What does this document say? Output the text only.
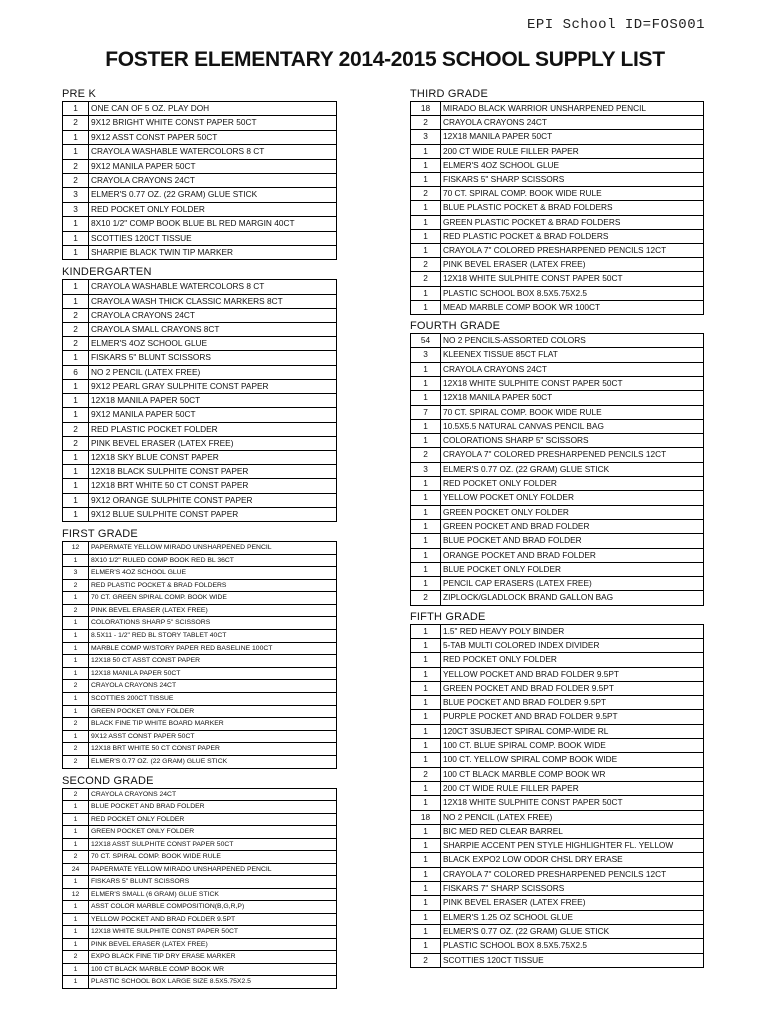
EPI School ID=FOS001
FOSTER ELEMENTARY 2014-2015 SCHOOL SUPPLY LIST
PRE K
1	ONE CAN OF 5 OZ. PLAY DOH
2	9X12 BRIGHT WHITE CONST PAPER 50CT
1	9X12 ASST CONST PAPER 50CT
1	CRAYOLA WASHABLE WATERCOLORS 8 CT
2	9X12 MANILA PAPER 50CT
2	CRAYOLA CRAYONS 24CT
3	ELMER'S 0.77 OZ. (22 GRAM) GLUE STICK
3	RED POCKET ONLY FOLDER
1	8X10 1/2" COMP BOOK BLUE BL RED MARGIN 40CT
1	SCOTTIES 120CT TISSUE
1	SHARPIE BLACK TWIN TIP MARKER
KINDERGARTEN
1	CRAYOLA WASHABLE WATERCOLORS 8 CT
1	CRAYOLA WASH THICK CLASSIC MARKERS 8CT
2	CRAYOLA CRAYONS 24CT
2	CRAYOLA SMALL CRAYONS 8CT
2	ELMER'S 4OZ SCHOOL GLUE
1	FISKARS 5" BLUNT SCISSORS
6	NO 2 PENCIL (LATEX FREE)
1	9X12 PEARL GRAY SULPHITE CONST PAPER
1	12X18 MANILA PAPER 50CT
1	9X12 MANILA PAPER 50CT
2	RED PLASTIC POCKET FOLDER
2	PINK BEVEL ERASER (LATEX FREE)
1	12X18 SKY BLUE CONST PAPER
1	12X18 BLACK SULPHITE CONST PAPER
1	12X18 BRT WHITE 50 CT CONST PAPER
1	9X12 ORANGE SULPHITE CONST PAPER
1	9X12 BLUE SULPHITE CONST PAPER
FIRST GRADE
12	PAPERMATE YELLOW MIRADO UNSHARPENED PENCIL
1	8X10 1/2" RULED COMP BOOK RED BL 36CT
3	ELMER'S 4OZ SCHOOL GLUE
2	RED PLASTIC POCKET & BRAD FOLDERS
1	70 CT. GREEN SPIRAL COMP. BOOK WIDE
2	PINK BEVEL ERASER (LATEX FREE)
1	COLORATIONS SHARP 5" SCISSORS
1	8.5X11 - 1/2" RED BL STORY TABLET 40CT
1	MARBLE COMP W/STORY PAPER RED BASELINE 100CT
1	12X18 50 CT ASST CONST PAPER
1	12X18 MANILA PAPER 50CT
2	CRAYOLA CRAYONS 24CT
1	SCOTTIES 200CT TISSUE
1	GREEN POCKET ONLY FOLDER
2	BLACK FINE TIP WHITE BOARD MARKER
1	9X12 ASST CONST PAPER 50CT
2	12X18 BRT WHITE 50 CT CONST PAPER
2	ELMER'S 0.77 OZ. (22 GRAM) GLUE STICK
SECOND GRADE
2	CRAYOLA CRAYONS 24CT
1	BLUE POCKET AND BRAD FOLDER
1	RED POCKET ONLY FOLDER
1	GREEN POCKET ONLY FOLDER
1	12X18 ASST SULPHITE CONST PAPER 50CT
2	70 CT. SPIRAL COMP. BOOK WIDE RULE
24	PAPERMATE YELLOW MIRADO UNSHARPENED PENCIL
1	FISKARS 5" BLUNT SCISSORS
12	ELMER'S SMALL (6 GRAM) GLUE STICK
1	ASST COLOR MARBLE COMPOSITION(B,G,R,P)
1	YELLOW POCKET AND BRAD FOLDER 9.5PT
1	12X18 WHITE SULPHITE CONST PAPER 50CT
1	PINK BEVEL ERASER (LATEX FREE)
2	EXPO BLACK FINE TIP DRY ERASE MARKER
1	100 CT BLACK MARBLE COMP BOOK WR
1	PLASTIC SCHOOL BOX LARGE SIZE 8.5X5.75X2.5
THIRD GRADE
18	MIRADO BLACK WARRIOR UNSHARPENED PENCIL
2	CRAYOLA CRAYONS 24CT
3	12X18 MANILA PAPER 50CT
1	200 CT WIDE RULE FILLER PAPER
1	ELMER'S 4OZ SCHOOL GLUE
1	FISKARS 5" SHARP SCISSORS
2	70 CT. SPIRAL COMP. BOOK WIDE RULE
1	BLUE PLASTIC POCKET & BRAD FOLDERS
1	GREEN PLASTIC POCKET & BRAD FOLDERS
1	RED PLASTIC POCKET & BRAD FOLDERS
1	CRAYOLA 7" COLORED PRESHARPENED PENCILS 12CT
2	PINK BEVEL ERASER (LATEX FREE)
2	12X18 WHITE SULPHITE CONST PAPER 50CT
1	PLASTIC SCHOOL BOX 8.5X5.75X2.5
1	MEAD MARBLE COMP BOOK WR 100CT
FOURTH GRADE
54	NO 2 PENCILS-ASSORTED COLORS
3	KLEENEX TISSUE 85CT FLAT
1	CRAYOLA CRAYONS 24CT
1	12X18 WHITE SULPHITE CONST PAPER 50CT
1	12X18 MANILA PAPER 50CT
7	70 CT. SPIRAL COMP. BOOK WIDE RULE
1	10.5X5.5 NATURAL CANVAS PENCIL BAG
1	COLORATIONS SHARP 5" SCISSORS
2	CRAYOLA 7" COLORED PRESHARPENED PENCILS 12CT
3	ELMER'S 0.77 OZ. (22 GRAM) GLUE STICK
1	RED POCKET ONLY FOLDER
1	YELLOW POCKET ONLY FOLDER
1	GREEN POCKET ONLY FOLDER
1	GREEN POCKET AND BRAD FOLDER
1	BLUE POCKET AND BRAD FOLDER
1	ORANGE POCKET AND BRAD FOLDER
1	BLUE POCKET ONLY FOLDER
1	PENCIL CAP ERASERS (LATEX FREE)
2	ZIPLOCK/GLADLOCK BRAND GALLON BAG
FIFTH GRADE
1	1.5" RED HEAVY POLY BINDER
1	5-TAB MULTI COLORED INDEX DIVIDER
1	RED POCKET ONLY FOLDER
1	YELLOW POCKET AND BRAD FOLDER 9.5PT
1	GREEN POCKET AND BRAD FOLDER 9.5PT
1	BLUE POCKET AND BRAD FOLDER 9.5PT
1	PURPLE POCKET AND BRAD FOLDER 9.5PT
1	120CT 3SUBJECT SPIRAL COMP-WIDE RL
1	100 CT. BLUE SPIRAL COMP. BOOK WIDE
1	100 CT. YELLOW SPIRAL COMP BOOK WIDE
2	100 CT BLACK MARBLE COMP BOOK WR
1	200 CT WIDE RULE FILLER PAPER
1	12X18 WHITE SULPHITE CONST PAPER 50CT
18	NO 2 PENCIL (LATEX FREE)
1	BIC MED RED CLEAR BARREL
1	SHARPIE ACCENT PEN STYLE HIGHLIGHTER FL. YELLOW
1	BLACK EXPO2 LOW ODOR CHSL DRY ERASE
1	CRAYOLA 7" COLORED PRESHARPENED PENCILS 12CT
1	FISKARS 7" SHARP SCISSORS
1	PINK BEVEL ERASER (LATEX FREE)
1	ELMER'S 1.25 OZ SCHOOL GLUE
1	ELMER'S 0.77 OZ. (22 GRAM) GLUE STICK
1	PLASTIC SCHOOL BOX 8.5X5.75X2.5
2	SCOTTIES 120CT TISSUE
